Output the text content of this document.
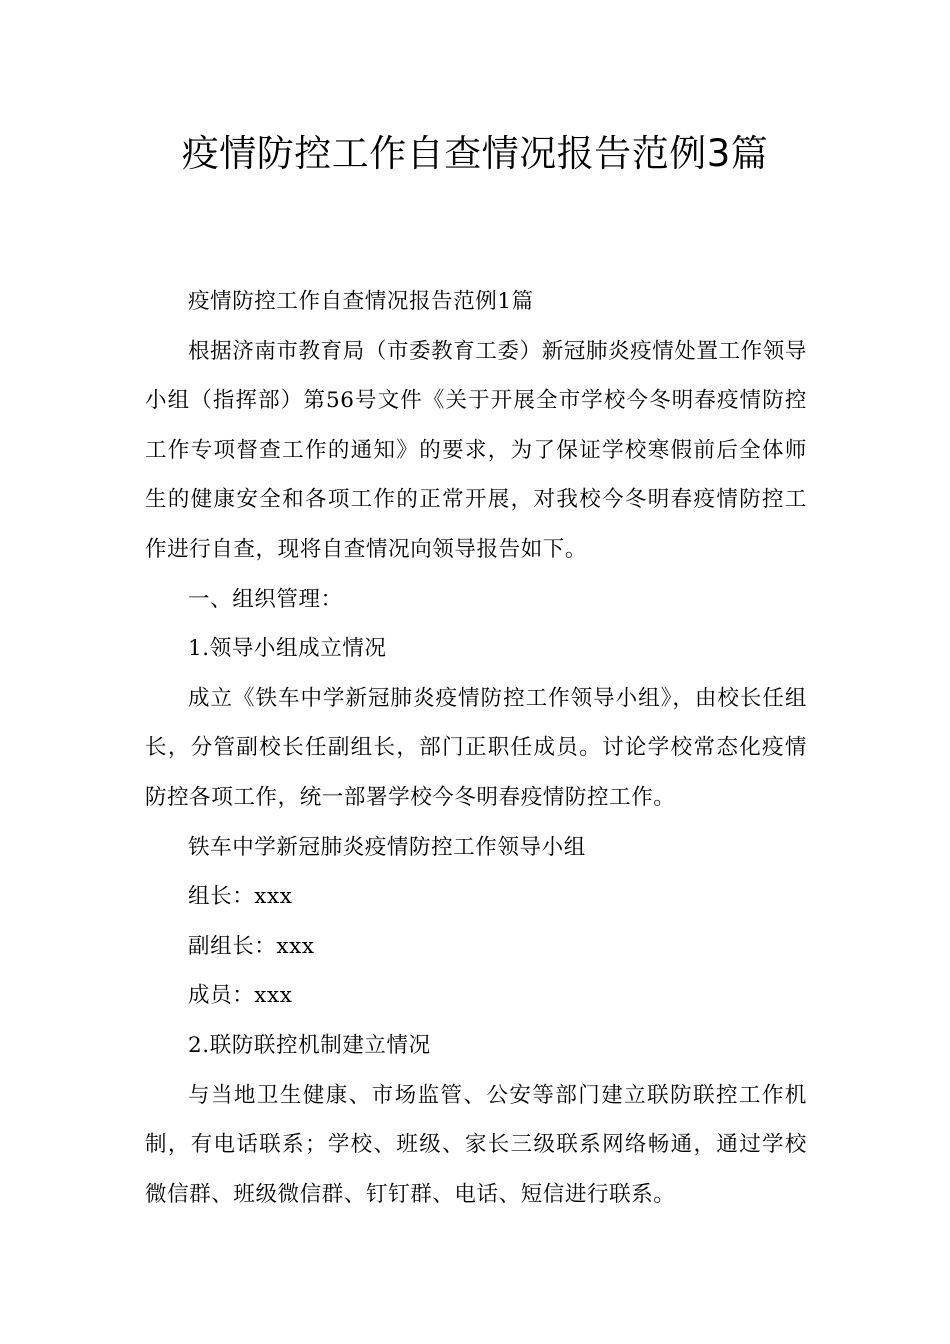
疫情防控工作自查情况报告范例3篇

疫情防控工作自查情况报告范例1篇

根据济南市教育局（市委教育工委）新冠肺炎疫情处置工作领导小组（指挥部）第56号文件《关于开展全市学校今冬明春疫情防控工作专项督查工作的通知》的要求，为了保证学校寒假前后全体师生的健康安全和各项工作的正常开展，对我校今冬明春疫情防控工作进行自查，现将自查情况向领导报告如下。

一、组织管理：

1.领导小组成立情况

成立《铁车中学新冠肺炎疫情防控工作领导小组》，由校长任组长，分管副校长任副组长，部门正职任成员。讨论学校常态化疫情防控各项工作，统一部署学校今冬明春疫情防控工作。

铁车中学新冠肺炎疫情防控工作领导小组

组长：xxx

副组长：xxx

成员：xxx

2.联防联控机制建立情况

与当地卫生健康、市场监管、公安等部门建立联防联控工作机制，有电话联系；学校、班级、家长三级联系网络畅通，通过学校微信群、班级微信群、钉钉群、电话、短信进行联系。
